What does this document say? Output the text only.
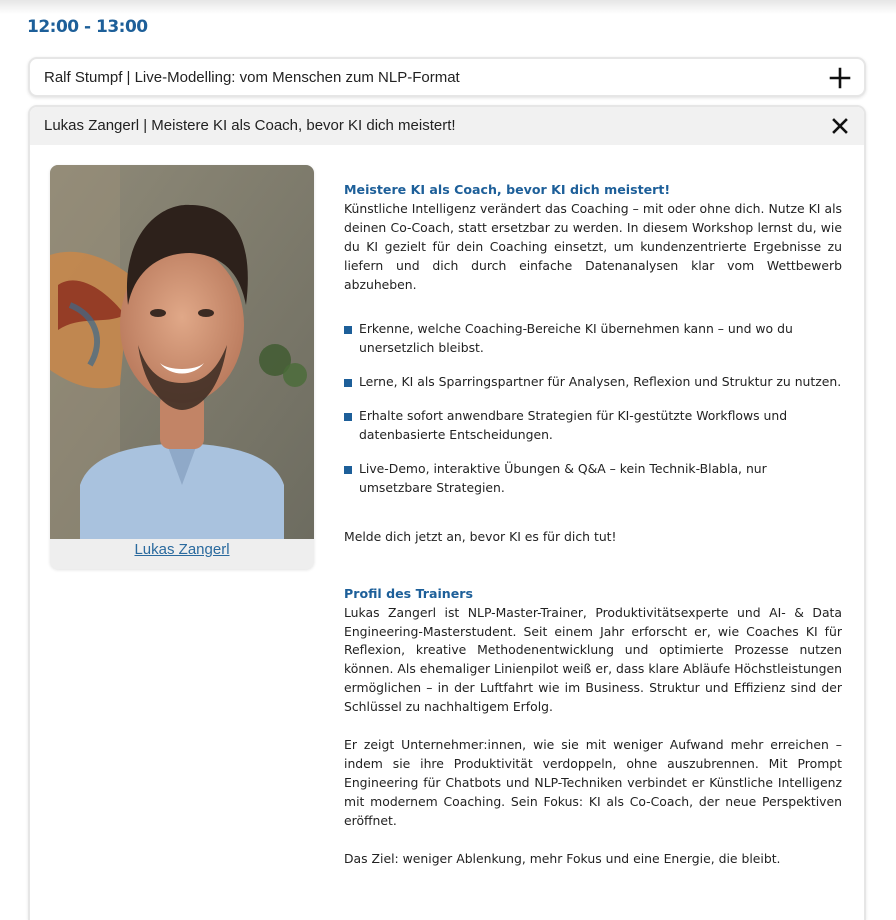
12:00 - 13:00
Ralf Stumpf | Live-Modelling: vom Menschen zum NLP-Format
Lukas Zangerl | Meistere KI als Coach, bevor KI dich meistert!
Lukas Zangerl
Meistere KI als Coach, bevor KI dich meistert!

Künstliche Intelligenz verändert das Coaching – mit oder ohne dich. Nutze KI als deinen Co-Coach, statt ersetzbar zu werden. In diesem Workshop lernst du, wie du KI gezielt für dein Coaching einsetzt, um kundenzentrierte Ergebnisse zu liefern und dich durch einfache Datenanalysen klar vom Wettbewerb abzuheben.

Erkenne, welche Coaching-Bereiche KI übernehmen kann – und wo du unersetzlich bleibst.
Lerne, KI als Sparringspartner für Analysen, Reflexion und Struktur zu nutzen.
Erhalte sofort anwendbare Strategien für KI-gestützte Workflows und datenbasierte Entscheidungen.
Live-Demo, interaktive Übungen & Q&A – kein Technik-Blabla, nur umsetzbare Strategien.

Melde dich jetzt an, bevor KI es für dich tut!

Profil des Trainers

Lukas Zangerl ist NLP-Master-Trainer, Produktivitätsexperte und AI- & Data Engineering-Masterstudent. Seit einem Jahr erforscht er, wie Coaches KI für Reflexion, kreative Methodenentwicklung und optimierte Prozesse nutzen können. Als ehemaliger Linienpilot weiß er, dass klare Abläufe Höchstleistungen ermöglichen – in der Luftfahrt wie im Business. Struktur und Effizienz sind der Schlüssel zu nachhaltigem Erfolg.

Er zeigt Unternehmer:innen, wie sie mit weniger Aufwand mehr erreichen – indem sie ihre Produktivität verdoppeln, ohne auszubrennen. Mit Prompt Engineering für Chatbots und NLP-Techniken verbindet er Künstliche Intelligenz mit modernem Coaching. Sein Fokus: KI als Co-Coach, der neue Perspektiven eröffnet.

Das Ziel: weniger Ablenkung, mehr Fokus und eine Energie, die bleibt.
